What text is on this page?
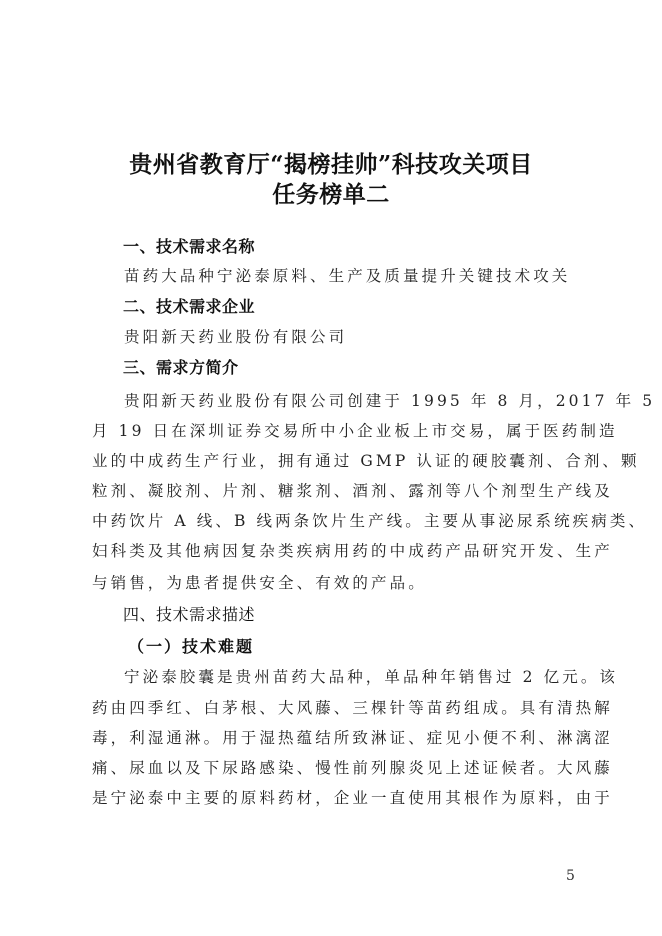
贵州省教育厅“揭榜挂帅”科技攻关项目
任务榜单二
一、技术需求名称
苗药大品种宁泌泰原料、生产及质量提升关键技术攻关
二、技术需求企业
贵阳新天药业股份有限公司
三、需求方简介
贵阳新天药业股份有限公司创建于 1995 年 8 月，2017 年 5
月 19 日在深圳证券交易所中小企业板上市交易，属于医药制造
业的中成药生产行业，拥有通过 GMP 认证的硬胶囊剂、合剂、颗
粒剂、凝胶剂、片剂、糖浆剂、酒剂、露剂等八个剂型生产线及
中药饮片 A 线、B 线两条饮片生产线。主要从事泌尿系统疾病类、
妇科类及其他病因复杂类疾病用药的中成药产品研究开发、生产
与销售，为患者提供安全、有效的产品。
四、技术需求描述
（一）技术难题
宁泌泰胶囊是贵州苗药大品种，单品种年销售过 2 亿元。该
药由四季红、白茅根、大风藤、三棵针等苗药组成。具有清热解
毒，利湿通淋。用于湿热蕴结所致淋证、症见小便不利、淋漓涩
痛、尿血以及下尿路感染、慢性前列腺炎见上述证候者。大风藤
是宁泌泰中主要的原料药材，企业一直使用其根作为原料，由于
5
